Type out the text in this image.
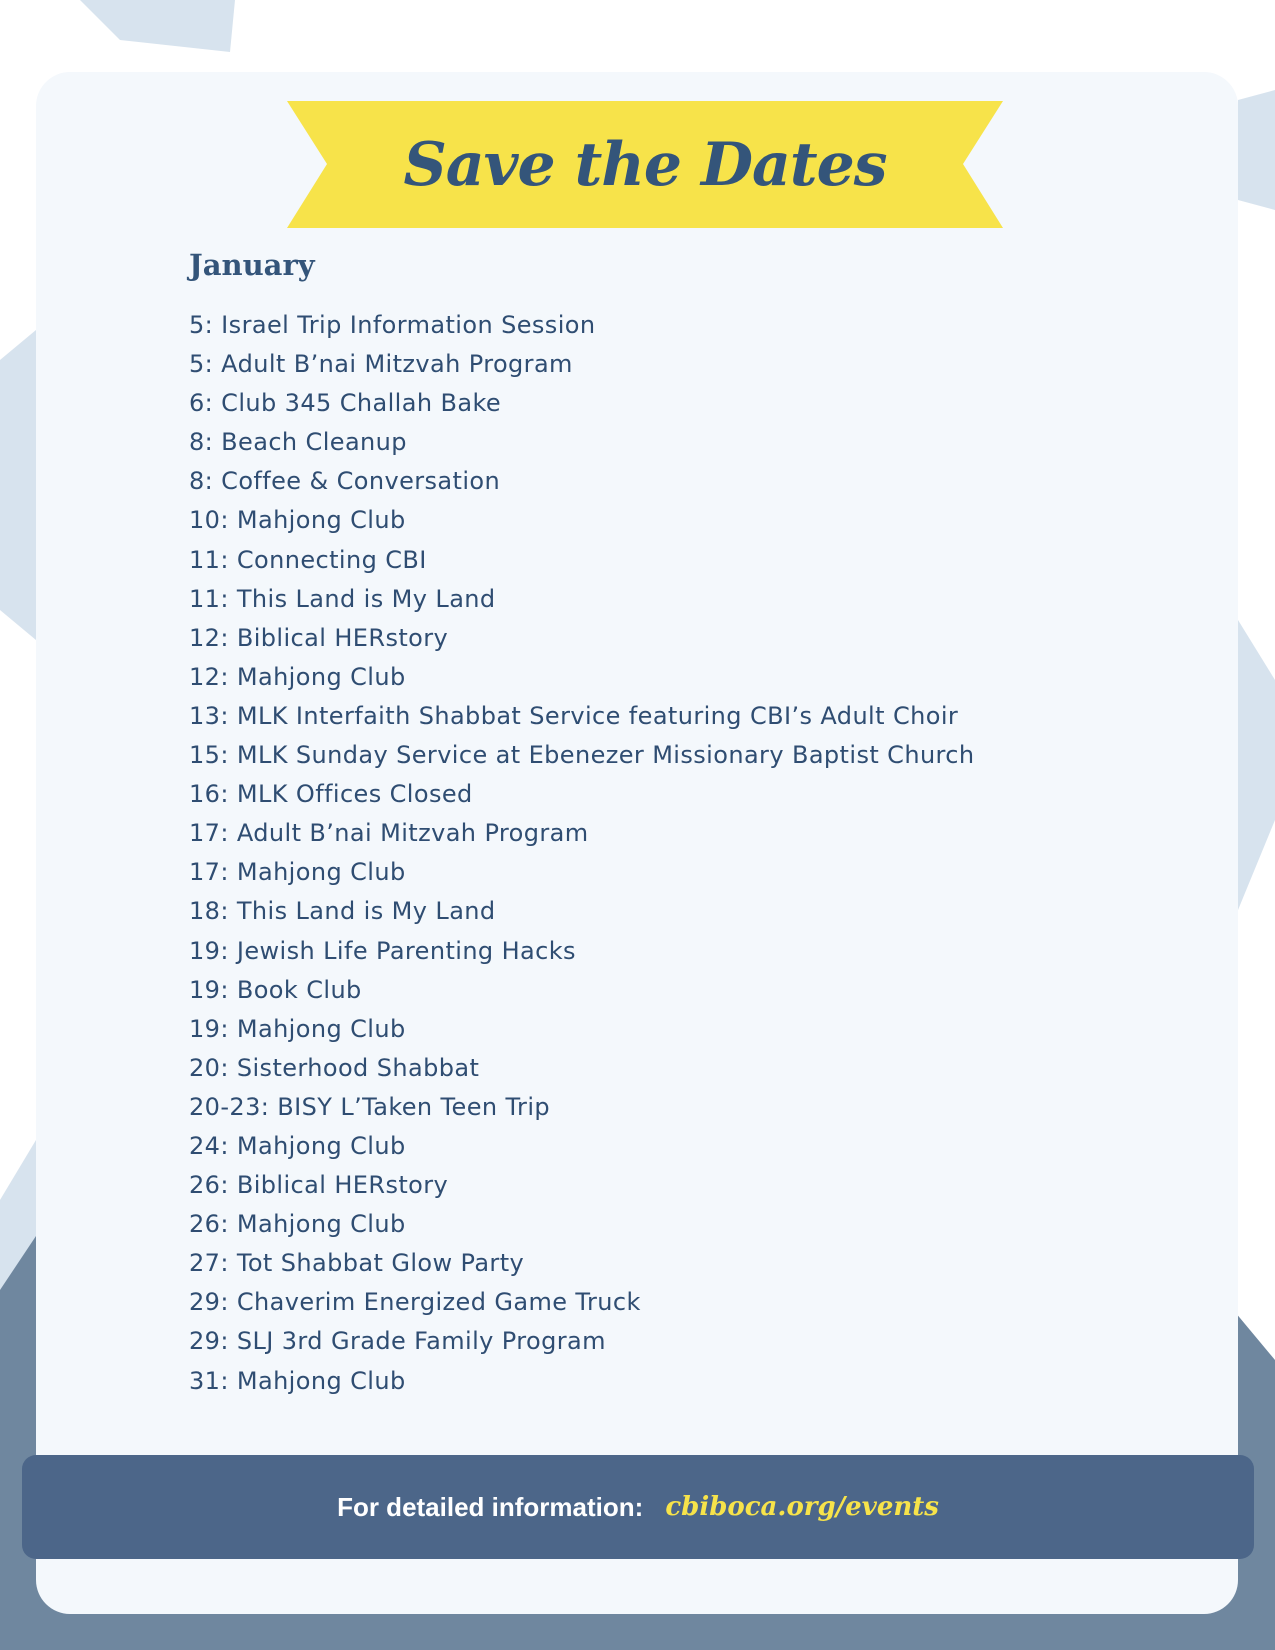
Save the Dates
January
5: Israel Trip Information Session
5: Adult B’nai Mitzvah Program
6: Club 345 Challah Bake
8: Beach Cleanup
8: Coffee & Conversation
10: Mahjong Club
11: Connecting CBI
11: This Land is My Land
12: Biblical HERstory
12: Mahjong Club
13: MLK Interfaith Shabbat Service featuring CBI’s Adult Choir
15: MLK Sunday Service at Ebenezer Missionary Baptist Church
16: MLK Offices Closed
17: Adult B’nai Mitzvah Program
17: Mahjong Club
18: This Land is My Land
19: Jewish Life Parenting Hacks
19: Book Club
19: Mahjong Club
20: Sisterhood Shabbat
20-23: BISY L’Taken Teen Trip
24: Mahjong Club
26: Biblical HERstory
26: Mahjong Club
27: Tot Shabbat Glow Party
29: Chaverim Energized Game Truck
29: SLJ 3rd Grade Family Program
31: Mahjong Club
For detailed information: cbiboca.org/events
